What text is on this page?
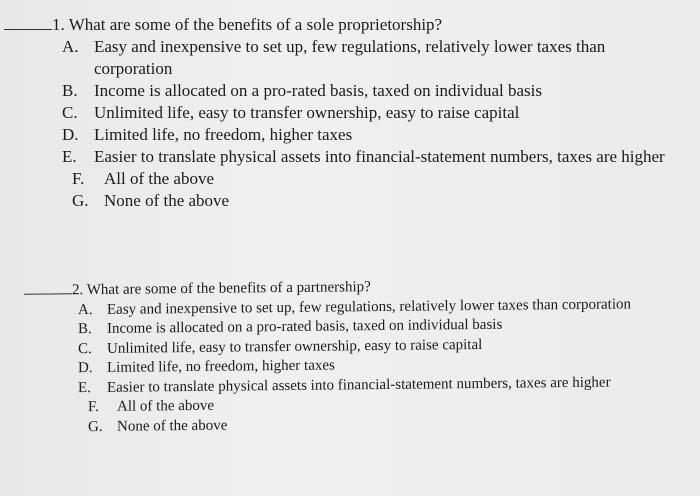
1. What are some of the benefits of a sole proprietorship?
A. Easy and inexpensive to set up, few regulations, relatively lower taxes than corporation
B. Income is allocated on a pro-rated basis, taxed on individual basis
C. Unlimited life, easy to transfer ownership, easy to raise capital
D. Limited life, no freedom, higher taxes
E.	Easier to translate physical assets into financial-statement numbers, taxes are higher
F.	All of the above
G. None of the above
2. What are some of the benefits of a partnership?
A. Easy and inexpensive to set up, few regulations, relatively lower taxes than corporation
B.	Income is allocated on a pro-rated basis, taxed on individual basis
C.	Unlimited life, easy to transfer ownership, easy to raise capital
D. Limited life, no freedom, higher taxes
E.	Easier to translate physical assets into financial-statement numbers, taxes are higher
F.	All of the above
G. None of the above
